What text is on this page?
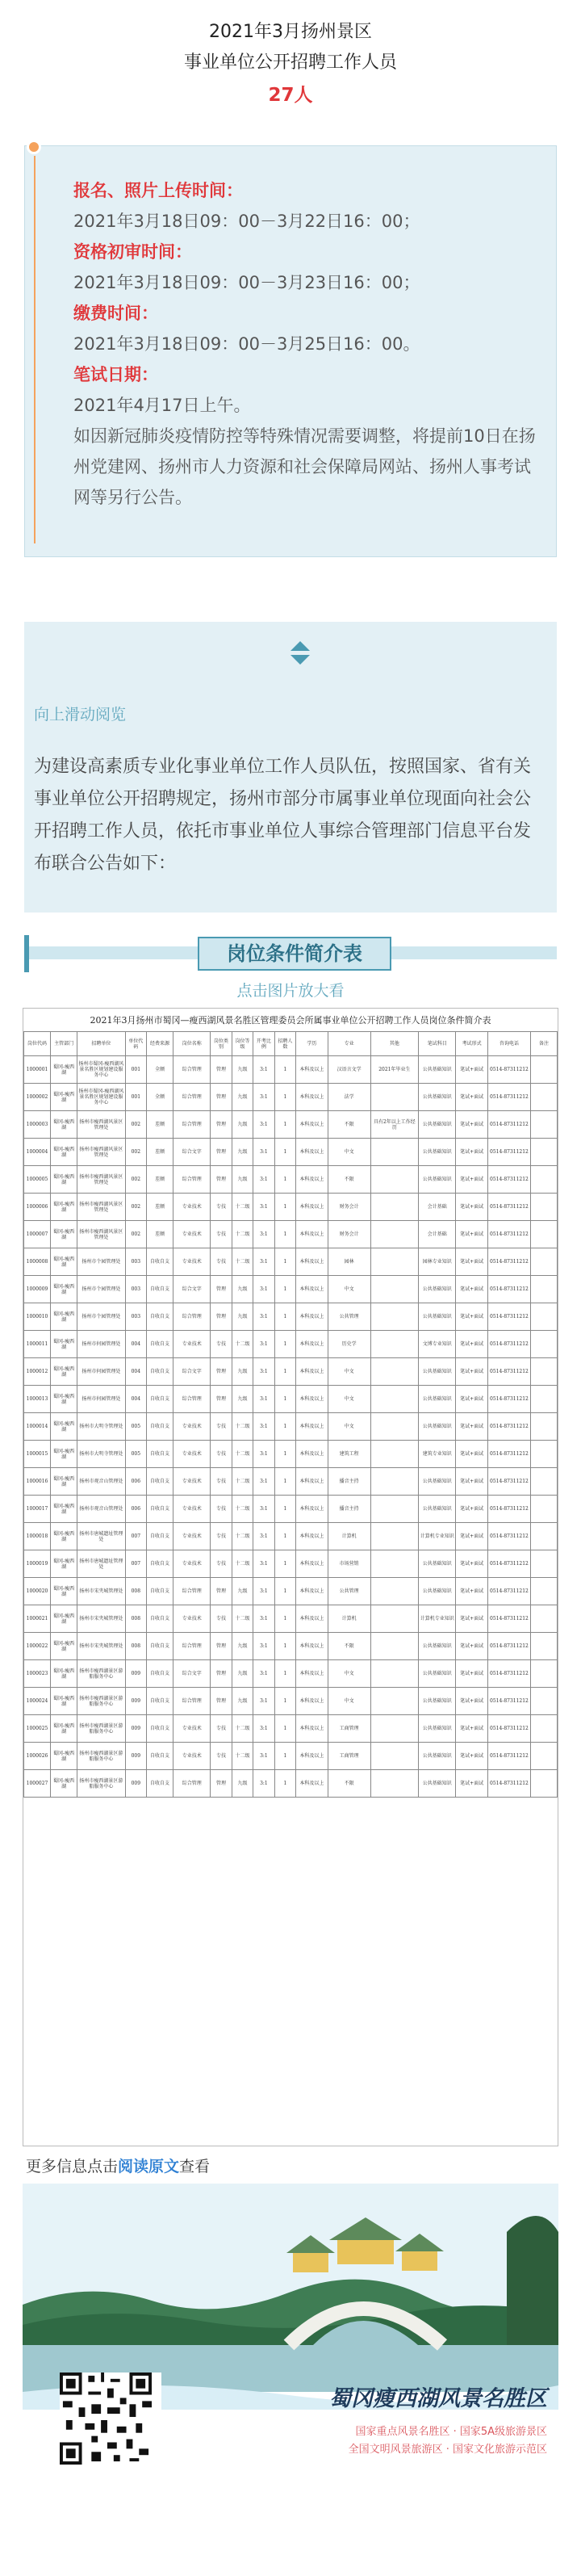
2021年3月扬州景区
事业单位公开招聘工作人员
27人
报名、照片上传时间：
2021年3月18日09：00－3月22日16：00；
资格初审时间：
2021年3月18日09：00－3月23日16：00；
缴费时间：
2021年3月18日09：00－3月25日16：00。
笔试日期：
2021年4月17日上午。
如因新冠肺炎疫情防控等特殊情况需要调整，将提前10日在扬州党建网、扬州市人力资源和社会保障局网站、扬州人事考试网等另行公告。
向上滑动阅览
为建设高素质专业化事业单位工作人员队伍，按照国家、省有关事业单位公开招聘规定，扬州市部分市属事业单位现面向社会公开招聘工作人员，依托市事业单位人事综合管理部门信息平台发布联合公告如下：
岗位条件简介表
点击图片放大看
2021年3月扬州市蜀冈—瘦西湖风景名胜区管理委员会所属事业单位公开招聘工作人员岗位条件简介表
岗位代码	主管部门	招聘单位	单位代码	经费来源	岗位名称	岗位类别	岗位等级	开考比例	招聘人数	学历	专业	其他	笔试科目	考试形式	咨询电话	备注
1000001	蜀冈-瘦西湖	扬州市蜀冈-瘦西湖风景名胜区规划建设服务中心	001	全额	综合管理	管理	九级	3:1	1	本科及以上	汉语言文学	2021年毕业生	公共基础知识	笔试+面试	0514-87311212	
1000002	蜀冈-瘦西湖	扬州市蜀冈-瘦西湖风景名胜区规划建设服务中心	001	全额	综合管理	管理	九级	3:1	1	本科及以上	法学		公共基础知识	笔试+面试	0514-87311212	
1000003	蜀冈-瘦西湖	扬州市瘦西湖风景区管理处	002	差额	综合管理	管理	九级	3:1	1	本科及以上	不限	具有2年以上工作经历	公共基础知识	笔试+面试	0514-87311212	
1000004	蜀冈-瘦西湖	扬州市瘦西湖风景区管理处	002	差额	综合文字	管理	九级	3:1	1	本科及以上	中文		公共基础知识	笔试+面试	0514-87311212	
1000005	蜀冈-瘦西湖	扬州市瘦西湖风景区管理处	002	差额	综合管理	管理	九级	3:1	1	本科及以上	不限		公共基础知识	笔试+面试	0514-87311212	
1000006	蜀冈-瘦西湖	扬州市瘦西湖风景区管理处	002	差额	专业技术	专技	十二级	3:1	1	本科及以上	财务会计		会计基础	笔试+面试	0514-87311212	
1000007	蜀冈-瘦西湖	扬州市瘦西湖风景区管理处	002	差额	专业技术	专技	十二级	3:1	1	本科及以上	财务会计		会计基础	笔试+面试	0514-87311212	
1000008	蜀冈-瘦西湖	扬州市个园管理处	003	自收自支	专业技术	专技	十二级	3:1	1	本科及以上	园林		园林专业知识	笔试+面试	0514-87311212	
1000009	蜀冈-瘦西湖	扬州市个园管理处	003	自收自支	综合文字	管理	九级	3:1	1	本科及以上	中文		公共基础知识	笔试+面试	0514-87311212	
1000010	蜀冈-瘦西湖	扬州市个园管理处	003	自收自支	综合管理	管理	九级	3:1	1	本科及以上	公共管理		公共基础知识	笔试+面试	0514-87311212	
1000011	蜀冈-瘦西湖	扬州市何园管理处	004	自收自支	专业技术	专技	十二级	3:1	1	本科及以上	历史学		文博专业知识	笔试+面试	0514-87311212	
1000012	蜀冈-瘦西湖	扬州市何园管理处	004	自收自支	综合文字	管理	九级	3:1	1	本科及以上	中文		公共基础知识	笔试+面试	0514-87311212	
1000013	蜀冈-瘦西湖	扬州市何园管理处	004	自收自支	综合管理	管理	九级	3:1	1	本科及以上	中文		公共基础知识	笔试+面试	0514-87311212	
1000014	蜀冈-瘦西湖	扬州市大明寺管理处	005	自收自支	专业技术	专技	十二级	3:1	1	本科及以上	中文		公共基础知识	笔试+面试	0514-87311212	
1000015	蜀冈-瘦西湖	扬州市大明寺管理处	005	自收自支	专业技术	专技	十二级	3:1	1	本科及以上	建筑工程		建筑专业知识	笔试+面试	0514-87311212	
1000016	蜀冈-瘦西湖	扬州市观音山管理处	006	自收自支	专业技术	专技	十二级	3:1	1	本科及以上	播音主持		公共基础知识	笔试+面试	0514-87311212	
1000017	蜀冈-瘦西湖	扬州市观音山管理处	006	自收自支	专业技术	专技	十二级	3:1	1	本科及以上	播音主持		公共基础知识	笔试+面试	0514-87311212	
1000018	蜀冈-瘦西湖	扬州市唐城遗址管理处	007	自收自支	专业技术	专技	十二级	3:1	1	本科及以上	计算机		计算机专业知识	笔试+面试	0514-87311212	
1000019	蜀冈-瘦西湖	扬州市唐城遗址管理处	007	自收自支	专业技术	专技	十二级	3:1	1	本科及以上	市场营销		公共基础知识	笔试+面试	0514-87311212	
1000020	蜀冈-瘦西湖	扬州市宋夹城管理处	008	自收自支	综合管理	管理	九级	3:1	1	本科及以上	公共管理		公共基础知识	笔试+面试	0514-87311212	
1000021	蜀冈-瘦西湖	扬州市宋夹城管理处	008	自收自支	专业技术	专技	十二级	3:1	1	本科及以上	计算机		计算机专业知识	笔试+面试	0514-87311212	
1000022	蜀冈-瘦西湖	扬州市宋夹城管理处	008	自收自支	综合管理	管理	九级	3:1	1	本科及以上	不限		公共基础知识	笔试+面试	0514-87311212	
1000023	蜀冈-瘦西湖	扬州市瘦西湖景区游船服务中心	009	自收自支	综合文字	管理	九级	3:1	1	本科及以上	中文		公共基础知识	笔试+面试	0514-87311212	
1000024	蜀冈-瘦西湖	扬州市瘦西湖景区游船服务中心	009	自收自支	综合管理	管理	九级	3:1	1	本科及以上	中文		公共基础知识	笔试+面试	0514-87311212	
1000025	蜀冈-瘦西湖	扬州市瘦西湖景区游船服务中心	009	自收自支	专业技术	专技	十二级	3:1	1	本科及以上	工商管理		公共基础知识	笔试+面试	0514-87311212	
1000026	蜀冈-瘦西湖	扬州市瘦西湖景区游船服务中心	009	自收自支	专业技术	专技	十二级	3:1	1	本科及以上	工商管理		公共基础知识	笔试+面试	0514-87311212	
1000027	蜀冈-瘦西湖	扬州市瘦西湖景区游船服务中心	009	自收自支	综合管理	管理	九级	3:1	1	本科及以上	不限		公共基础知识	笔试+面试	0514-87311212	
更多信息点击阅读原文查看
蜀冈瘦西湖风景名胜区
国家重点风景名胜区 · 国家5A级旅游景区
全国文明风景旅游区 · 国家文化旅游示范区
